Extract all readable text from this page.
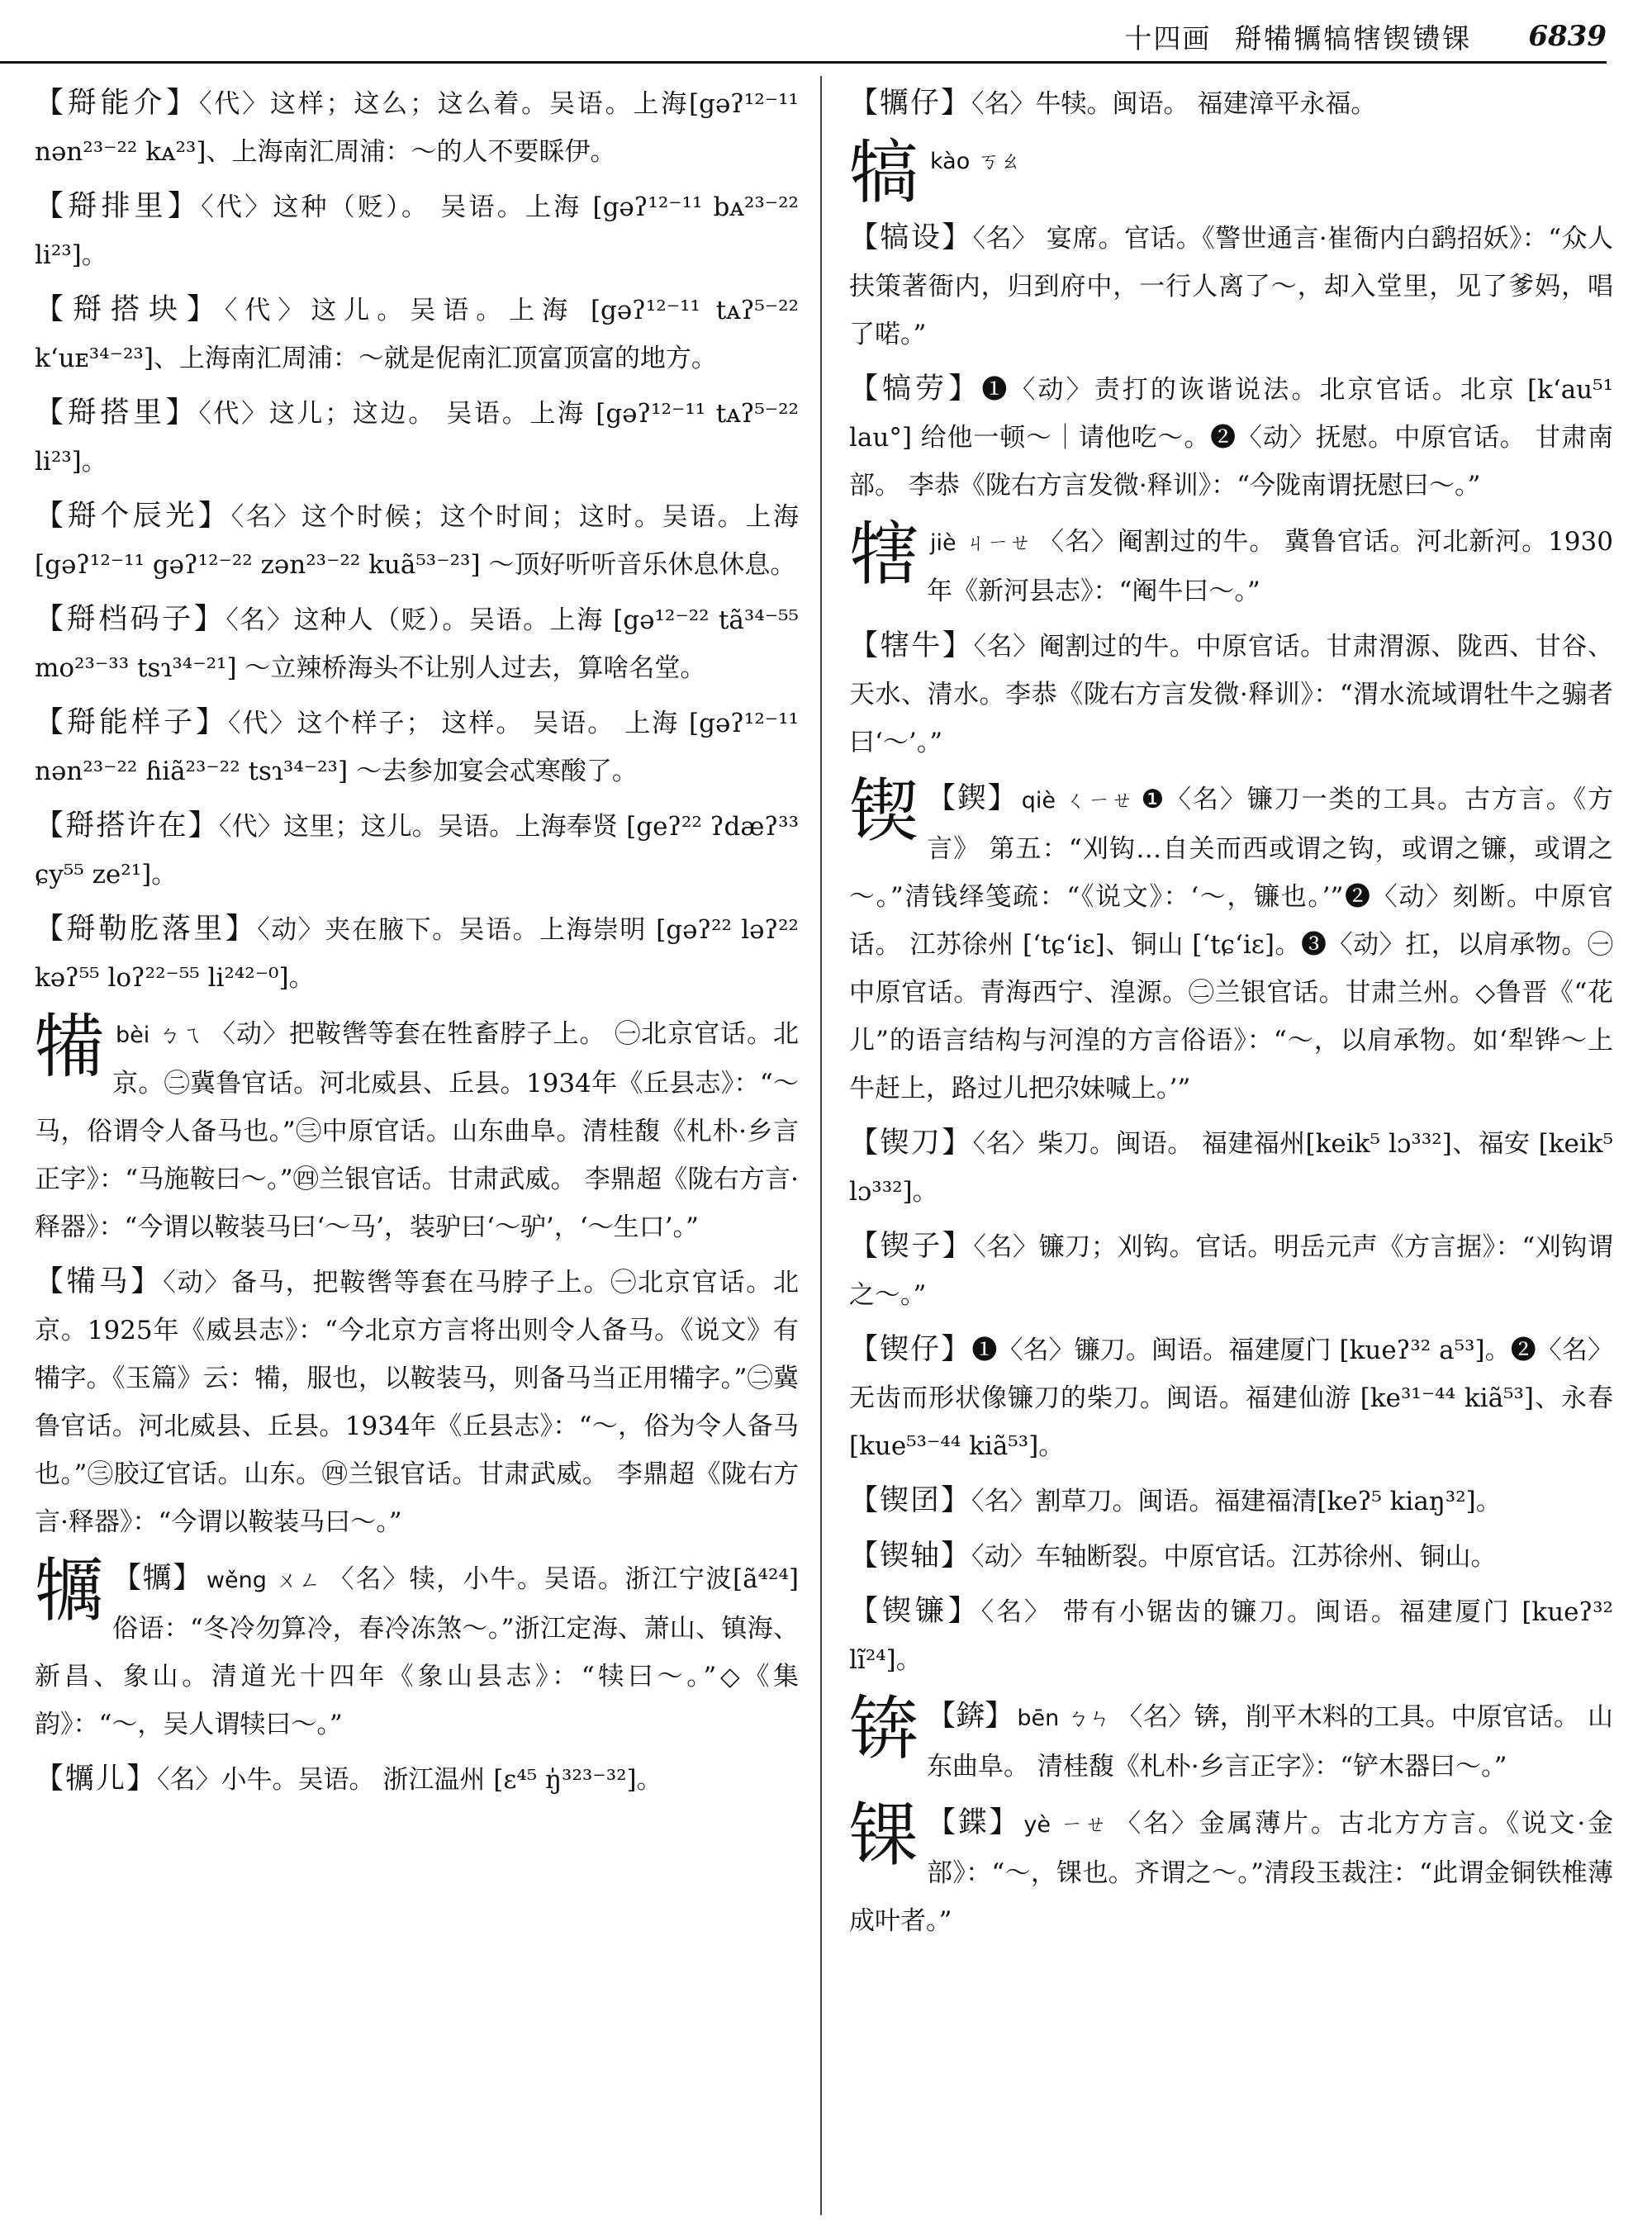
十四画 搿犕犡犒犗锲镄锞 6839
【搿能介】〈代〉这样；这么；这么着。吴语。上海[gəʔ¹²⁻¹¹ nən²³⁻²² kᴀ²³]、上海南汇周浦：～的人不要睬伊。
【搿排里】〈代〉这种（贬）。 吴语。上海 [gəʔ¹²⁻¹¹ bᴀ²³⁻²² li²³]。
【搿搭块】〈代〉这儿。吴语。上海 [gəʔ¹²⁻¹¹ tᴀʔ⁵⁻²² k‘uᴇ³⁴⁻²³]、上海南汇周浦：～就是伲南汇顶富顶富的地方。
【搿搭里】〈代〉这儿；这边。 吴语。上海 [gəʔ¹²⁻¹¹ tᴀʔ⁵⁻²² li²³]。
【搿个辰光】〈名〉这个时候；这个时间；这时。吴语。上海 [gəʔ¹²⁻¹¹ gəʔ¹²⁻²² zən²³⁻²² kuã⁵³⁻²³] ～顶好听听音乐休息休息。
【搿档码子】〈名〉这种人（贬）。吴语。上海 [gə¹²⁻²² tã³⁴⁻⁵⁵ mo²³⁻³³ tsɿ³⁴⁻²¹] ～立辣桥海头不让别人过去，算啥名堂。
【搿能样子】〈代〉这个样子； 这样。 吴语。 上海 [gəʔ¹²⁻¹¹ nən²³⁻²² ɦiã²³⁻²² tsɿ³⁴⁻²³] ～去参加宴会忒寒酸了。
【搿搭许在】〈代〉这里；这儿。吴语。上海奉贤 [geʔ²² ʔdæʔ³³ ɕy⁵⁵ ze²¹]。
【搿勒肐落里】〈动〉夹在腋下。吴语。上海崇明 [gəʔ²² ləʔ²² kəʔ⁵⁵ loʔ²²⁻⁵⁵ li²⁴²⁻⁰]。
犕bèi ㄅㄟ 〈动〉把鞍辔等套在牲畜脖子上。 ㊀北京官话。北京。㊁冀鲁官话。河北威县、丘县。1934年《丘县志》：“～马，俗谓令人备马也。”㊂中原官话。山东曲阜。清桂馥《札朴·乡言正字》：“马施鞍曰～。”㊃兰银官话。甘肃武威。 李鼎超《陇右方言·释器》：“今谓以鞍装马曰‘～马’，装驴曰‘～驴’，‘～生口’。”
【犕马】〈动〉备马，把鞍辔等套在马脖子上。㊀北京官话。北京。1925年《威县志》：“今北京方言将出则令人备马。《说文》有犕字。《玉篇》云：犕，服也，以鞍装马，则备马当正用犕字。”㊁冀鲁官话。河北威县、丘县。1934年《丘县志》：“～，俗为令人备马也。”㊂胶辽官话。山东。㊃兰银官话。甘肃武威。 李鼎超《陇右方言·释器》：“今谓以鞍装马曰～。”
犡 【犡】 wěng ㄨㄥ 〈名〉犊，小牛。吴语。浙江宁波[ã⁴²⁴] 俗语：“冬冷勿算冷，春冷冻煞～。”浙江定海、萧山、镇海、新昌、象山。清道光十四年《象山县志》：“犊曰～。”◇《集韵》：“～，吴人谓犊曰～。”
【犡儿】〈名〉小牛。吴语。 浙江温州 [ɛ⁴⁵ ŋ̍³²³⁻³²]。
【犡仔】〈名〉牛犊。闽语。 福建漳平永福。
犒kào ㄎㄠ
【犒设】〈名〉 宴席。官话。《警世通言·崔衙内白鹞招妖》：“众人扶策著衙内，归到府中，一行人离了～，却入堂里，见了爹妈，唱了喏。”
【犒劳】❶〈动〉责打的诙谐说法。北京官话。北京 [k‘au⁵¹ lau°] 给他一顿～｜请他吃～。❷〈动〉抚慰。中原官话。 甘肃南部。 李恭《陇右方言发微·释训》：“今陇南谓抚慰曰～。”
犗jiè ㄐㄧㄝ 〈名〉阉割过的牛。 冀鲁官话。河北新河。1930年《新河县志》：“阉牛曰～。”
【犗牛】〈名〉阉割过的牛。中原官话。甘肃渭源、陇西、甘谷、天水、清水。李恭《陇右方言发微·释训》：“渭水流域谓牡牛之骟者曰‘～’。”
锲 【鍥】 qiè ㄑㄧㄝ ❶〈名〉镰刀一类的工具。古方言。《方言》 第五：“刈钩…自关而西或谓之钩，或谓之镰，或谓之～。”清钱绎笺疏：“《说文》：‘～，镰也。’”❷〈动〉刻断。中原官话。 江苏徐州 [ʻtɕ‘iɛ]、铜山 [ʻtɕ‘iɛ]。❸〈动〉扛，以肩承物。㊀中原官话。青海西宁、湟源。㊁兰银官话。甘肃兰州。◇鲁晋《“花儿”的语言结构与河湟的方言俗语》：“～，以肩承物。如‘犁铧～上牛赶上，路过儿把尕妹喊上。’”
【锲刀】〈名〉柴刀。闽语。 福建福州[keik⁵ lɔ³³²]、福安 [keik⁵ lɔ³³²]。
【锲子】〈名〉镰刀；刈钩。官话。明岳元声《方言据》：“刈钩谓之～。”
【锲仔】❶〈名〉镰刀。闽语。福建厦门 [kueʔ³² a⁵³]。❷〈名〉无齿而形状像镰刀的柴刀。闽语。福建仙游 [ke³¹⁻⁴⁴ kiã⁵³]、永春 [kue⁵³⁻⁴⁴ kiã⁵³]。
【锲囝】〈名〉割草刀。闽语。福建福清[keʔ⁵ kiaŋ³²]。
【锲轴】〈动〉车轴断裂。中原官话。江苏徐州、铜山。
【锲镰】〈名〉 带有小锯齿的镰刀。闽语。福建厦门 [kueʔ³² lĩ²⁴]。
锛 【錛】 bēn ㄅㄣ 〈名〉锛，削平木料的工具。中原官话。 山东曲阜。 清桂馥《札朴·乡言正字》：“铲木器曰～。”
锞 【鍱】 yè ㄧㄝ 〈名〉金属薄片。古北方方言。《说文·金部》：“～，锞也。齐谓之～。”清段玉裁注：“此谓金铜铁椎薄成叶者。”
